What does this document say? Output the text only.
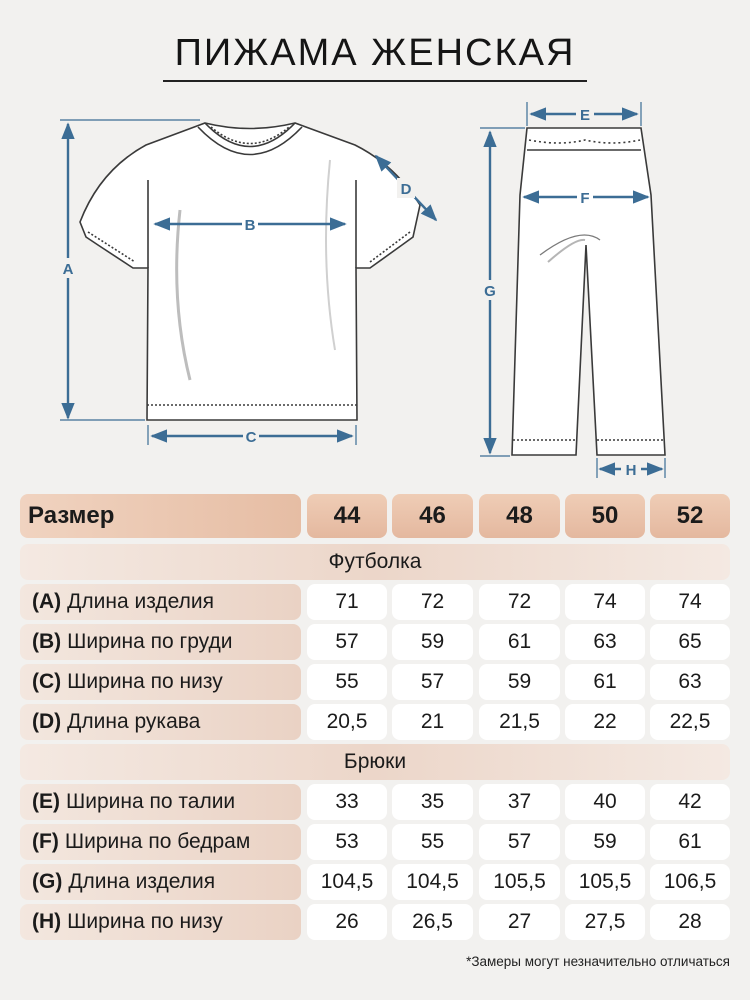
ПИЖАМА ЖЕНСКАЯ
B
A
C
D
E
F
G
H
Размер	44	46	48	50	52
Футболка
(A) Длина изделия	71	72	72	74	74
(B) Ширина по груди	57	59	61	63	65
(C) Ширина по низу	55	57	59	61	63
(D) Длина рукава	20,5	21	21,5	22	22,5
Брюки
(E) Ширина по талии	33	35	37	40	42
(F) Ширина по бедрам	53	55	57	59	61
(G) Длина изделия	104,5	104,5	105,5	105,5	106,5
(H) Ширина по низу	26	26,5	27	27,5	28
*Замеры могут незначительно отличаться
